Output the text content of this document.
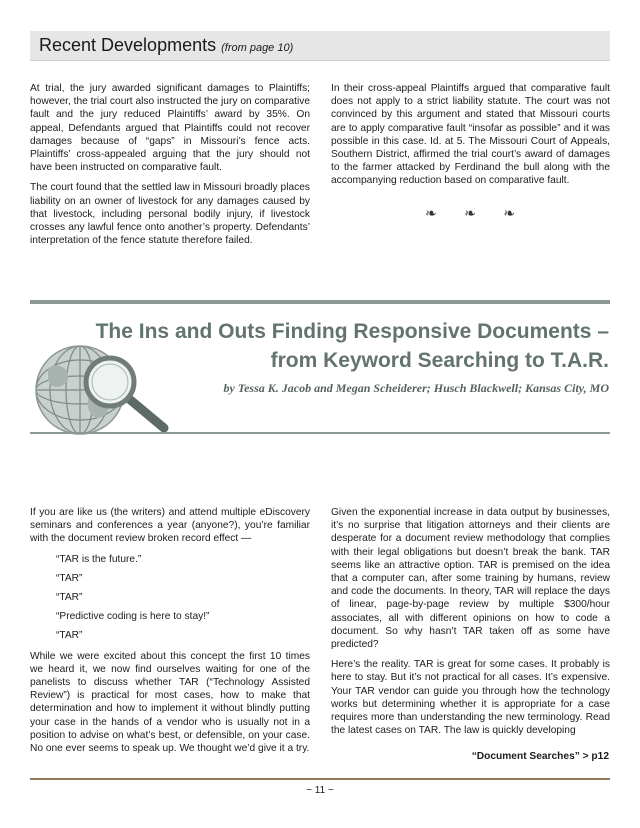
Recent Developments (from page 10)

At trial, the jury awarded significant damages to Plaintiffs; however, the trial court also instructed the jury on comparative fault and the jury reduced Plaintiffs’ award by 35%. On appeal, Defendants argued that Plaintiffs could not recover damages because of “gaps” in Missouri’s fence acts. Plaintiffs’ cross-appealed arguing that the jury should not have been instructed on comparative fault.

The court found that the settled law in Missouri broadly places liability on an owner of livestock for any damages caused by that livestock, including personal bodily injury, if livestock crosses any lawful fence onto another’s property. Defendants’ interpretation of the fence statute therefore failed.

In their cross-appeal Plaintiffs argued that comparative fault does not apply to a strict liability statute. The court was not convinced by this argument and stated that Missouri courts are to apply comparative fault “insofar as possible” and it was possible in this case. Id. at 5. The Missouri Court of Appeals, Southern District, affirmed the trial court’s award of damages to the farmer attacked by Ferdinand the bull along with the accompanying reduction based on comparative fault.

❧ ❧ ❧
The Ins and Outs Finding Responsive Documents –
from Keyword Searching to T.A.R.
by Tessa K. Jacob and Megan Scheiderer; Husch Blackwell; Kansas City, MO

If you are like us (the writers) and attend multiple eDiscovery seminars and conferences a year (anyone?), you’re familiar with the document review broken record effect —

“TAR is the future.”
“TAR”
“TAR”
“Predictive coding is here to stay!”
“TAR”

While we were excited about this concept the first 10 times we heard it, we now find ourselves waiting for one of the panelists to discuss whether TAR (“Technology Assisted Review”) is practical for most cases, how to make that determination and how to implement it without blindly putting your case in the hands of a vendor who is usually not in a position to advise on what’s best, or defensible, on your case. No one ever seems to speak up. We thought we’d give it a try.

Given the exponential increase in data output by businesses, it’s no surprise that litigation attorneys and their clients are desperate for a document review methodology that complies with their legal obligations but doesn’t break the bank. TAR seems like an attractive option. TAR is premised on the idea that a computer can, after some training by humans, review and code the documents. In theory, TAR will replace the days of linear, page-by-page review by multiple $300/hour associates, all with different opinions on how to code a document. So why hasn’t TAR taken off as some have predicted?

Here’s the reality. TAR is great for some cases. It probably is here to stay. But it’s not practical for all cases. It’s expensive. Your TAR vendor can guide you through how the technology works but determining whether it is appropriate for a case requires more than understanding the new terminology. Read the latest cases on TAR. The law is quickly developing

“Document Searches” > p12
~ 11 ~
